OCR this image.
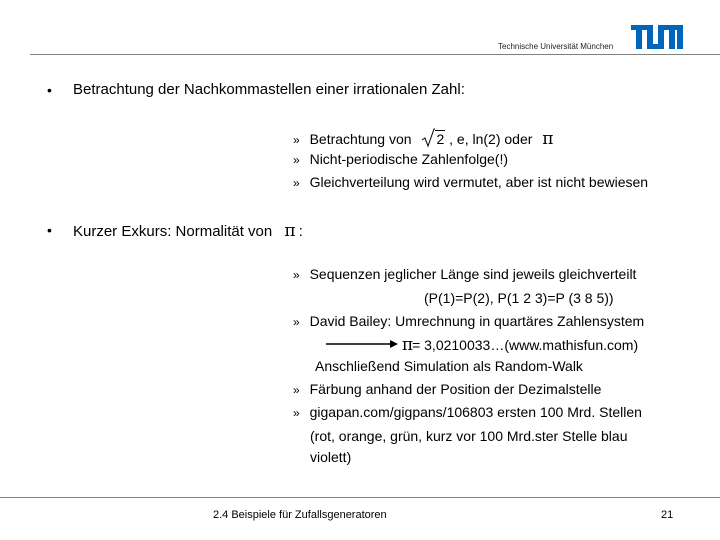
Technische Universität München
• Betrachtung der Nachkommastellen einer irrationalen Zahl:
» Betrachtung von 2 , e, ln(2) oder π
» Nicht-periodische Zahlenfolge(!)
» Gleichverteilung wird vermutet, aber ist nicht bewiesen
• Kurzer Exkurs: Normalität von π :
» Sequenzen jeglicher Länge sind jeweils gleichverteilt
(P(1)=P(2), P(1 2 3)=P (3 8 5))
» David Bailey: Umrechnung in quartäres Zahlensystem
π= 3,0210033…(www.mathisfun.com)
Anschließend Simulation als Random-Walk
» Färbung anhand der Position der Dezimalstelle
» gigapan.com/gigpans/106803 ersten 100 Mrd. Stellen
(rot, orange, grün, kurz vor 100 Mrd.ster Stelle blau
violett)
2.4 Beispiele für Zufallsgeneratoren	21
